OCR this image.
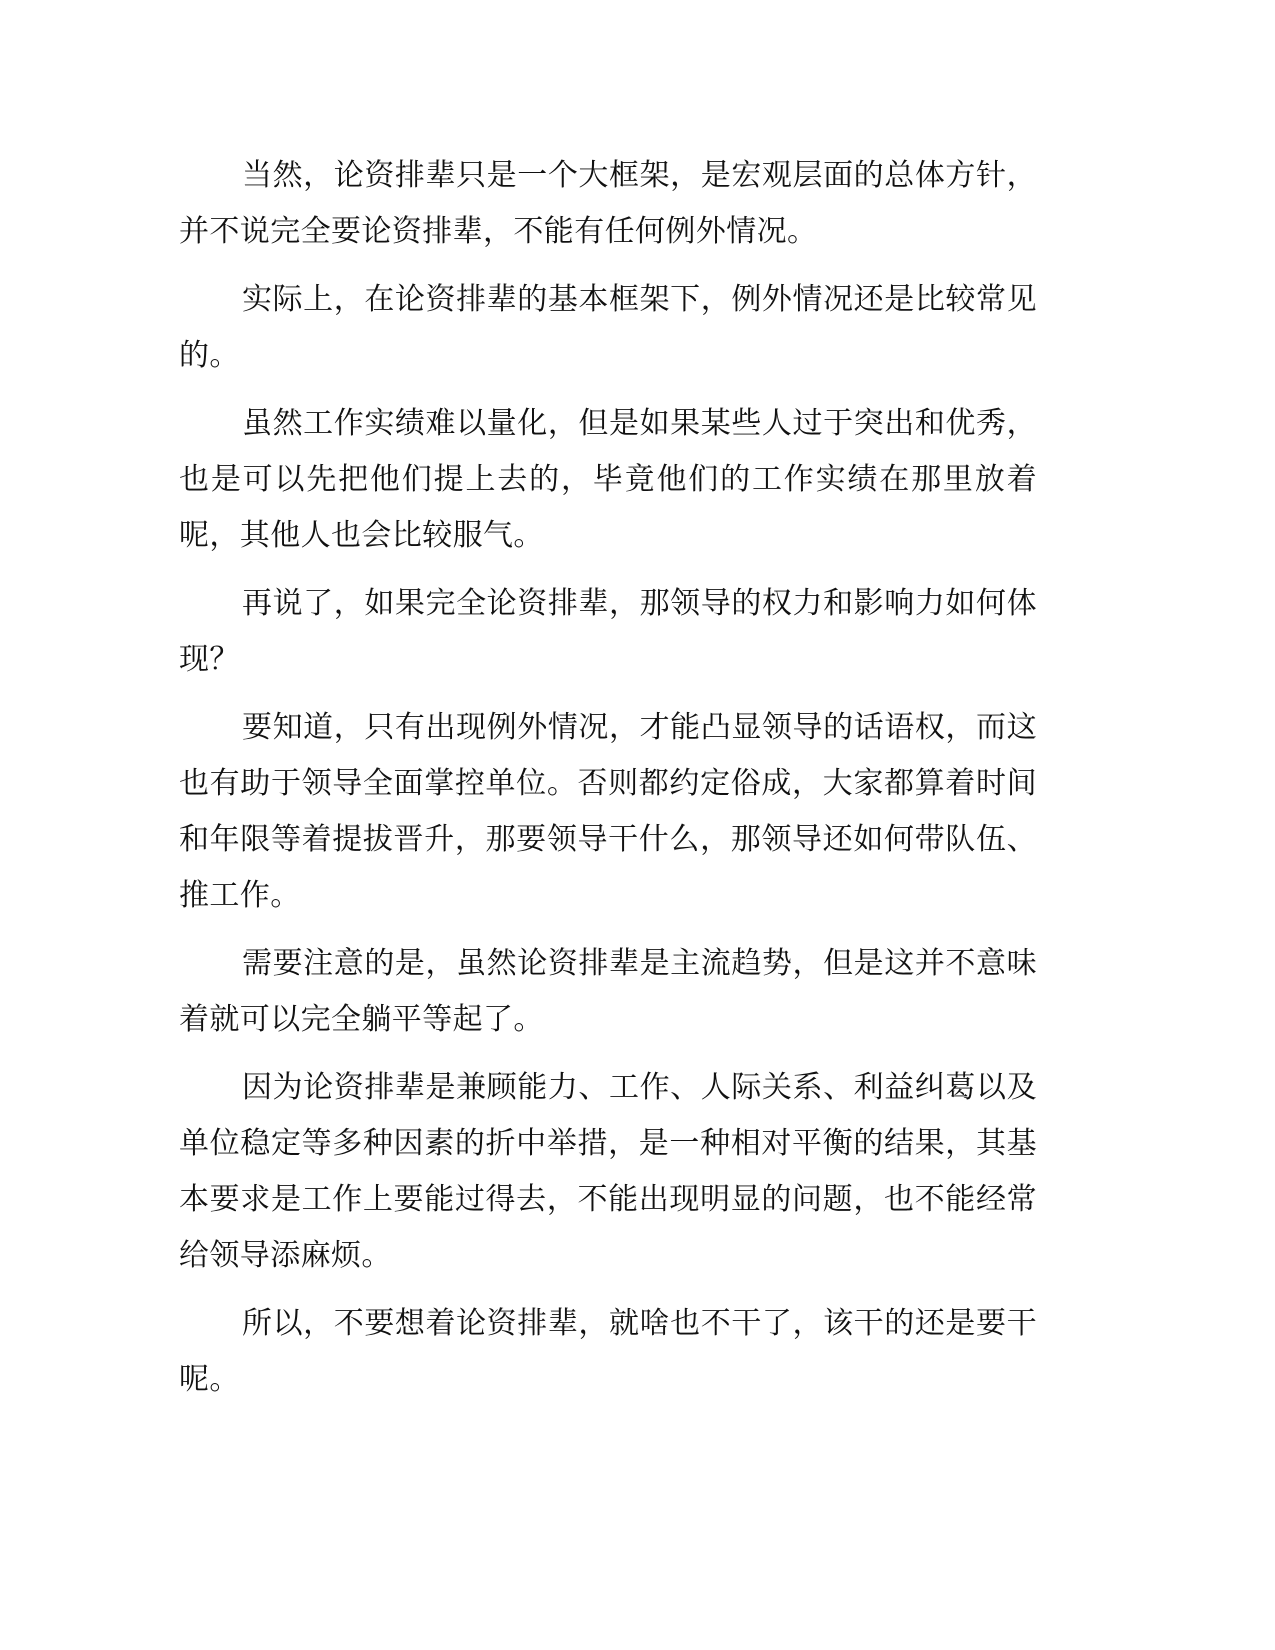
当然，论资排辈只是一个大框架，是宏观层面的总体方针，并不说完全要论资排辈，不能有任何例外情况。

实际上，在论资排辈的基本框架下，例外情况还是比较常见的。

虽然工作实绩难以量化，但是如果某些人过于突出和优秀，也是可以先把他们提上去的，毕竟他们的工作实绩在那里放着呢，其他人也会比较服气。

再说了，如果完全论资排辈，那领导的权力和影响力如何体现？

要知道，只有出现例外情况，才能凸显领导的话语权，而这也有助于领导全面掌控单位。否则都约定俗成，大家都算着时间和年限等着提拔晋升，那要领导干什么，那领导还如何带队伍、推工作。

需要注意的是，虽然论资排辈是主流趋势，但是这并不意味着就可以完全躺平等起了。

因为论资排辈是兼顾能力、工作、人际关系、利益纠葛以及单位稳定等多种因素的折中举措，是一种相对平衡的结果，其基本要求是工作上要能过得去，不能出现明显的问题，也不能经常给领导添麻烦。

所以，不要想着论资排辈，就啥也不干了，该干的还是要干呢。
